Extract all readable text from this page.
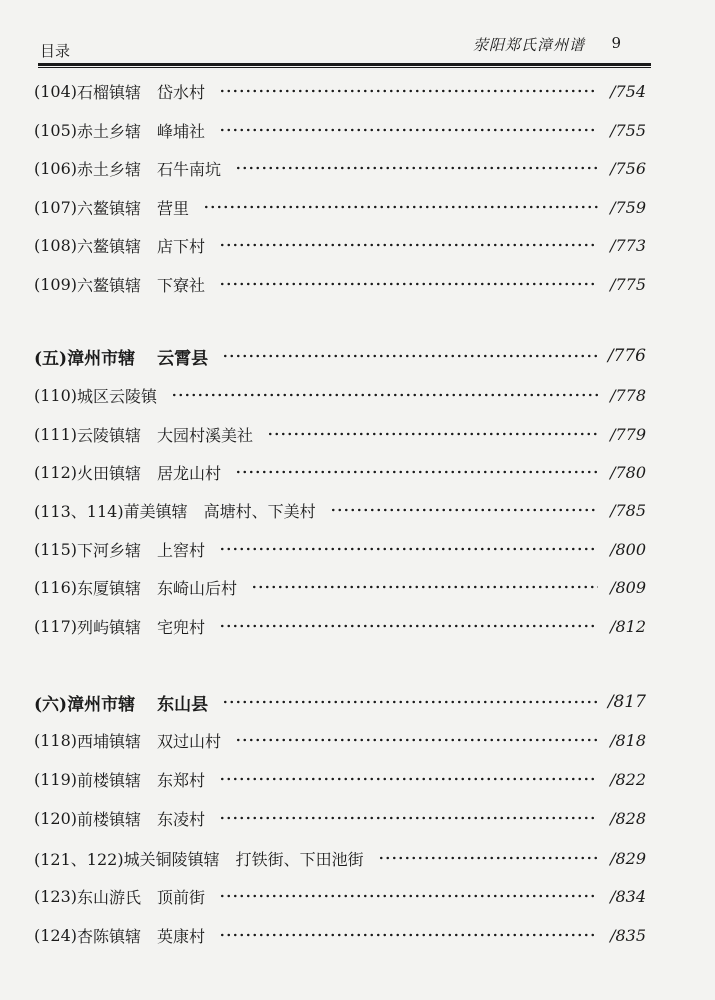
目录	荥阳郑氏漳州谱 9
(104) 石榴镇辖 岱水村	/754
(105) 赤土乡辖 峰埔社	/755
(106) 赤土乡辖 石牛南坑	/756
(107) 六鳌镇辖 营里	/759
(108) 六鳌镇辖 店下村	/773
(109) 六鳌镇辖 下寮社	/775
(五) 漳州市辖 云霄县	/776
(110) 城区云陵镇	/778
(111) 云陵镇辖 大园村溪美社	/779
(112) 火田镇辖 居龙山村	/780
(113、114) 莆美镇辖 高塘村、下美村	/785
(115) 下河乡辖 上窖村	/800
(116) 东厦镇辖 东崎山后村	/809
(117) 列屿镇辖 宅兜村	/812
(六) 漳州市辖 东山县	/817
(118) 西埔镇辖 双过山村	/818
(119) 前楼镇辖 东郑村	/822
(120) 前楼镇辖 东凌村	/828
(121、122) 城关铜陵镇辖 打铁街、下田池街	/829
(123) 东山游氏 顶前街	/834
(124) 杏陈镇辖 英康村	/835
